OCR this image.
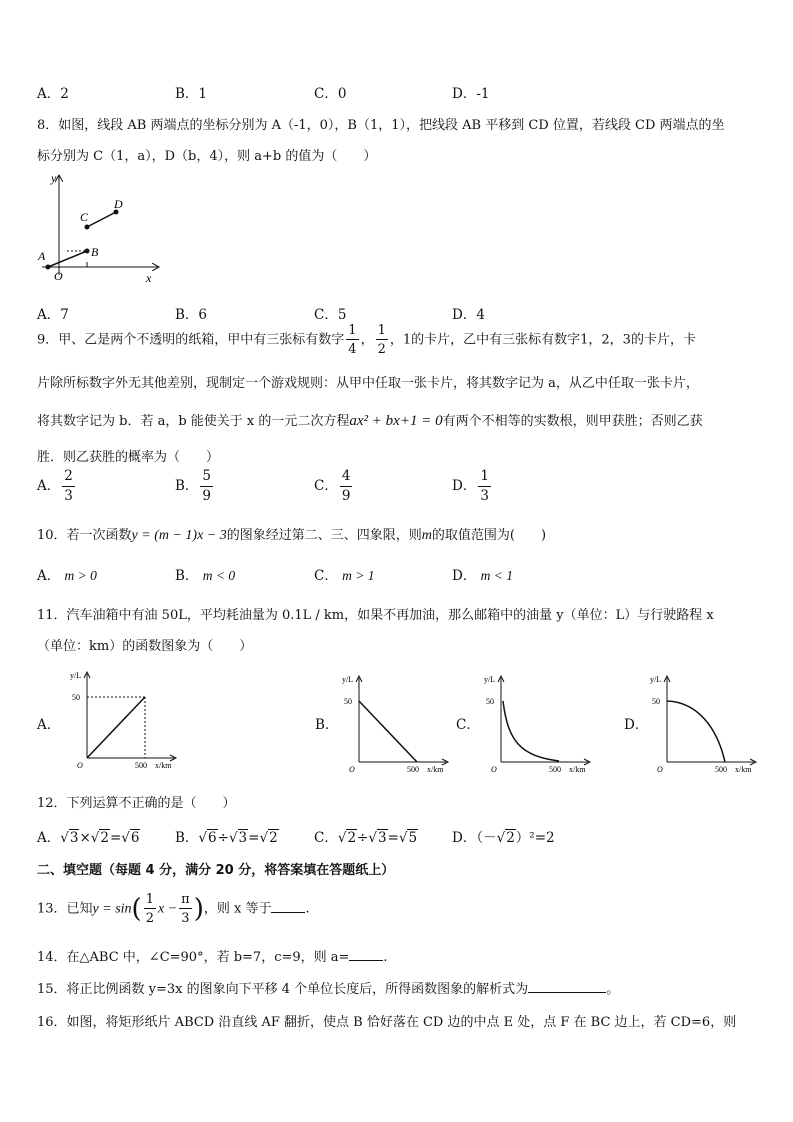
A．2	B．1	C．0	D．-1
8．如图，线段 AB 两端点的坐标分别为 A（-1，0），B（1，1），把线段 AB 平移到 CD 位置，若线段 CD 两端点的坐
标分别为 C（1，a），D（b，4），则 a+b 的值为（　　）
y
x
O
A	B
C
D
A．7	B．6	C．5	D．4
9．甲、乙是两个不透明的纸箱，甲中有三张标有数字 $\frac{1}{4}$ ， $\frac{1}{2}$ ，1的卡片，乙中有三张标有数字1，2，3的卡片，卡
片除所标数字外无其他差别，现制定一个游戏规则：从甲中任取一张卡片，将其数字记为 a，从乙中任取一张卡片，
将其数字记为 b．若 a，b 能使关于 x 的一元二次方程ax² + bx+1 = 0有两个不相等的实数根，则甲获胜；否则乙获
胜．则乙获胜的概率为（　　）
A． $\frac{2}{3}$	B． $\frac{5}{9}$	C． $\frac{4}{9}$	D． $\frac{1}{3}$
10．若一次函数y = (m − 1)x − 3的图象经过第二、三、四象限，则m的取值范围为(　　)
A． m > 0	B． m < 0	C． m > 1	D． m < 1
11．汽车油箱中有油 50L，平均耗油量为 0.1L / km，如果不再加油，那么邮箱中的油量 y（单位：L）与行驶路程 x
（单位：km）的函数图象为（　　）
A．	B．	C．	D．
y/L
50
O	500 x/km
y/L
50
O	500 x/km
y/L
50
O	500 x/km
y/L
50
O	500 x/km
12．下列运算不正确的是（　　）
A．√3×√2=√6	B．√6÷√3=√2	C．√2÷√3=√5	D．（－√2）²=2
二、填空题（每题 4 分，满分 20 分，将答案填在答题纸上）
13．已知$y = \sin( \frac{1}{2}$ $x - \frac{\pi}{3}$ )，则 x 等于	.
14．在△ABC 中，∠C=90°，若 b=7，c=9，则 a=	.
15．将正比例函数 y=3x 的图象向下平移 4 个单位长度后，所得函数图象的解析式为	。
16．如图，将矩形纸片 ABCD 沿直线 AF 翻折，使点 B 恰好落在 CD 边的中点 E 处，点 F 在 BC 边上，若 CD=6，则
